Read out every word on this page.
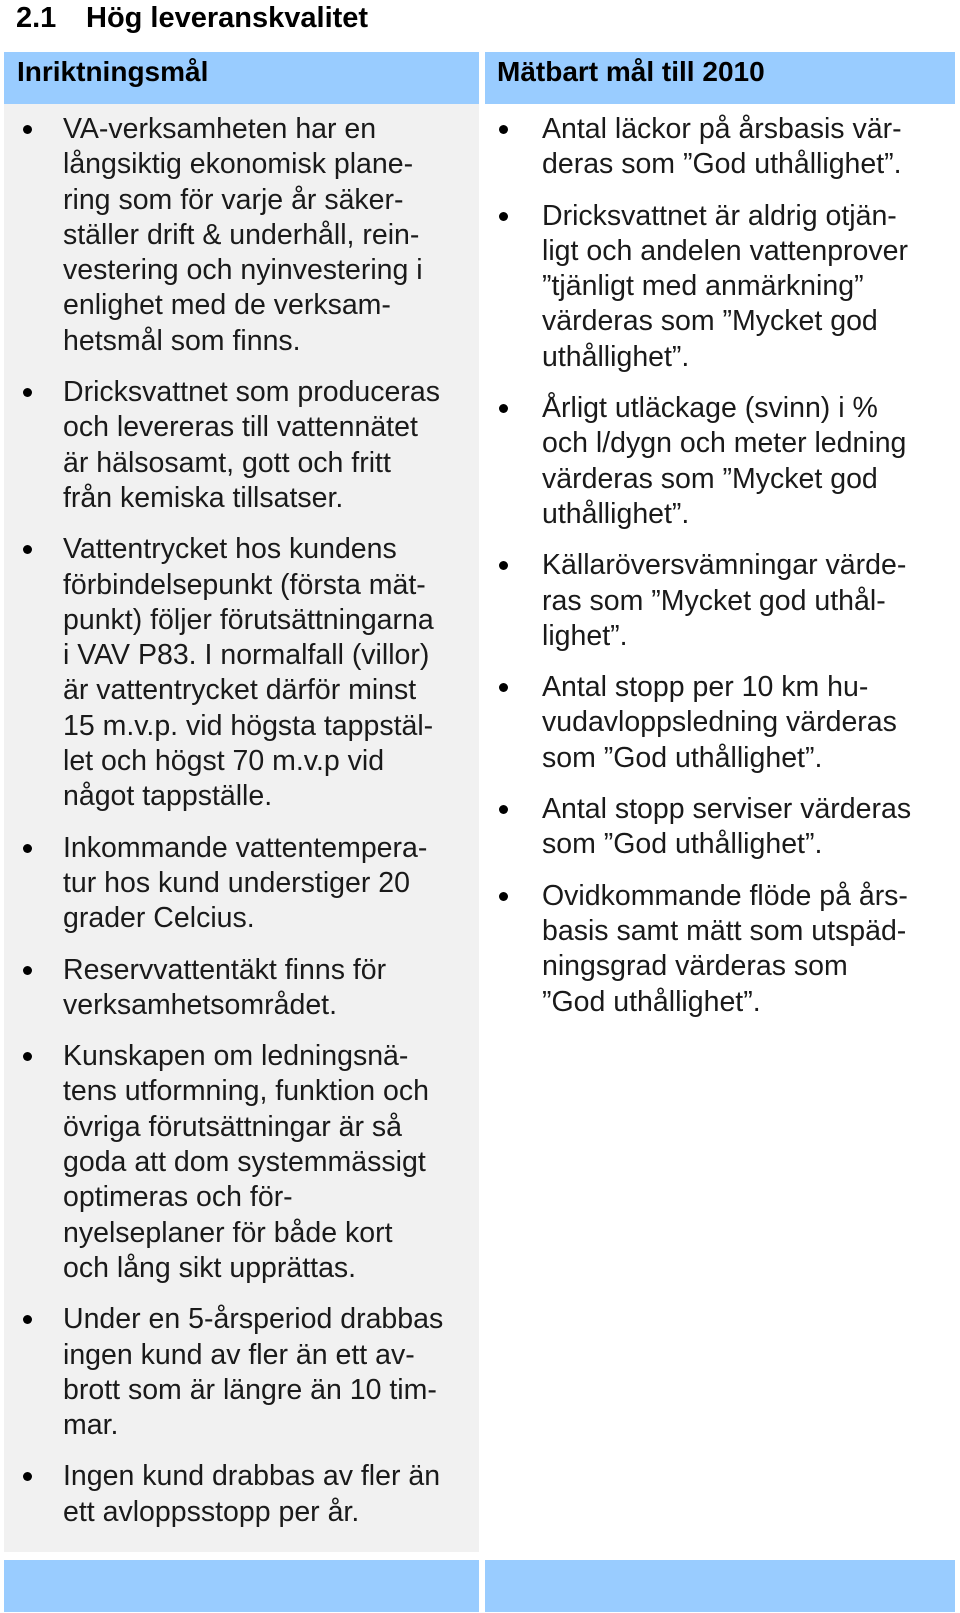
2.1 Hög leveranskvalitet
Inriktningsmål
VA-verksamheten har en
långsiktig ekonomisk plane-
ring som för varje år säker-
ställer drift & underhåll, rein-
vestering och nyinvestering i
enlighet med de verksam-
hetsmål som finns.
Dricksvattnet som produceras
och levereras till vattennätet
är hälsosamt, gott och fritt
från kemiska tillsatser.
Vattentrycket hos kundens
förbindelsepunkt (första mät-
punkt) följer förutsättningarna
i VAV P83. I normalfall (villor)
är vattentrycket därför minst
15 m.v.p. vid högsta tappstäl-
let och högst 70 m.v.p vid
något tappställe.
Inkommande vattentempera-
tur hos kund understiger 20
grader Celcius.
Reservvattentäkt finns för
verksamhetsområdet.
Kunskapen om ledningsnä-
tens utformning, funktion och
övriga förutsättningar är så
goda att dom systemmässigt
optimeras och för-
nyelseplaner för både kort
och lång sikt upprättas.
Under en 5-årsperiod drabbas
ingen kund av fler än ett av-
brott som är längre än 10 tim-
mar.
Ingen kund drabbas av fler än
ett avloppsstopp per år.
Mätbart mål till 2010
Antal läckor på årsbasis vär-
deras som ”God uthållighet”.
Dricksvattnet är aldrig otjän-
ligt och andelen vattenprover
”tjänligt med anmärkning”
värderas som ”Mycket god
uthållighet”.
Årligt utläckage (svinn) i %
och l/dygn och meter ledning
värderas som ”Mycket god
uthållighet”.
Källaröversvämningar värde-
ras som ”Mycket god uthål-
lighet”.
Antal stopp per 10 km hu-
vudavloppsledning värderas
som ”God uthållighet”.
Antal stopp serviser värderas
som ”God uthållighet”.
Ovidkommande flöde på års-
basis samt mätt som utspäd-
ningsgrad värderas som
”God uthållighet”.
